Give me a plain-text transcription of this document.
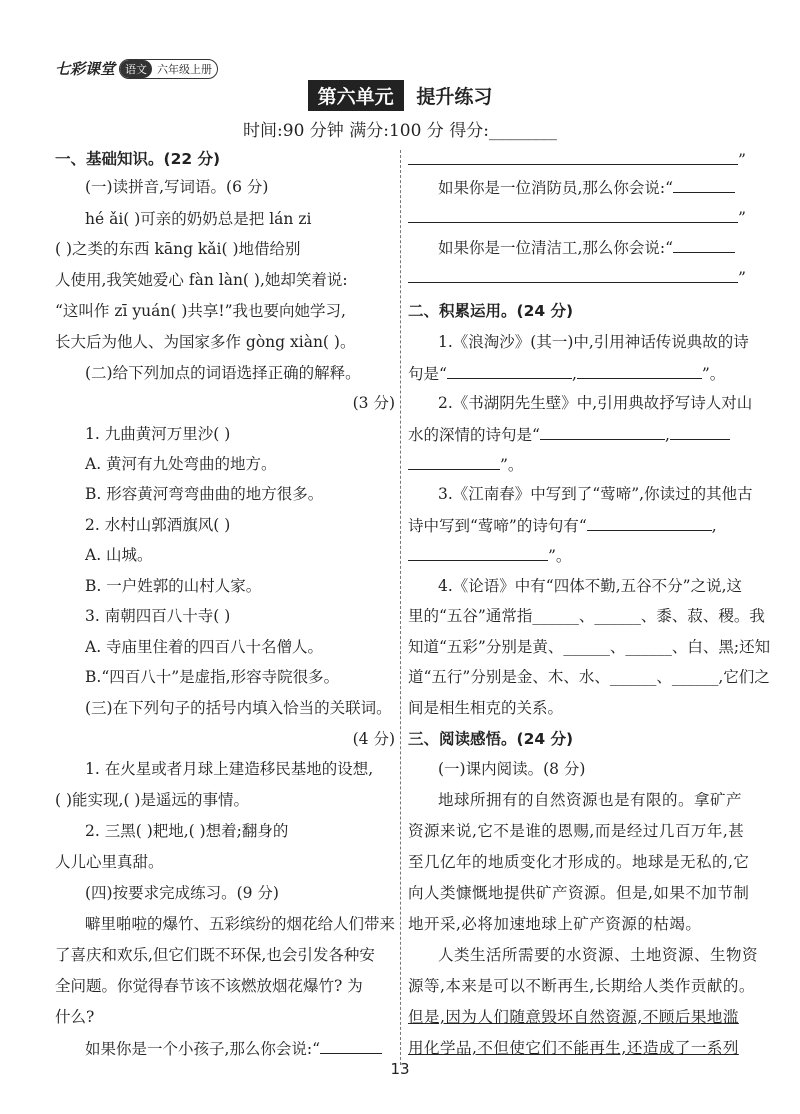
七彩课堂 语文 六年级上册
第六单元 提升练习
时间:90 分钟 满分:100 分 得分:________
一、基础知识。(22 分)
(一)读拼音,写词语。(6 分)
hé ǎi( )可亲的奶奶总是把 lán zi
( )之类的东西 kāng kǎi( )地借给别
人使用,我笑她爱心 fàn làn( ),她却笑着说:
“这叫作 zī yuán( )共享!”我也要向她学习,
长大后为他人、为国家多作 gòng xiàn( )。
(二)给下列加点的词语选择正确的解释。
(3 分)
1. 九曲黄河万里沙( )
A. 黄河有九处弯曲的地方。
B. 形容黄河弯弯曲曲的地方很多。
2. 水村山郭酒旗风( )
A. 山城。
B. 一户姓郭的山村人家。
3. 南朝四百八十寺( )
A. 寺庙里住着的四百八十名僧人。
B.“四百八十”是虚指,形容寺院很多。
(三)在下列句子的括号内填入恰当的关联词。
(4 分)
1. 在火星或者月球上建造移民基地的设想,
( )能实现,( )是遥远的事情。
2. 三黑( )耙地,( )想着;翻身的
人儿心里真甜。
(四)按要求完成练习。(9 分)
噼里啪啦的爆竹、五彩缤纷的烟花给人们带来
了喜庆和欢乐,但它们既不环保,也会引发各种安
全问题。你觉得春节该不该燃放烟花爆竹? 为
什么?
如果你是一个小孩子,那么你会说:“
”
如果你是一位消防员,那么你会说:“
”
如果你是一位清洁工,那么你会说:“
”
二、积累运用。(24 分)
1.《浪淘沙》(其一)中,引用神话传说典故的诗
句是“	,	”。
2.《书湖阴先生壁》中,引用典故抒写诗人对山
水的深情的诗句是“	,
”。
3.《江南春》中写到了“莺啼”,你读过的其他古
诗中写到“莺啼”的诗句有“	,
”。
4.《论语》中有“四体不勤,五谷不分”之说,这
里的“五谷”通常指______、______、黍、菽、稷。我
知道“五彩”分别是黄、______、______、白、黑;还知
道“五行”分别是金、木、水、______、______,它们之
间是相生相克的关系。
三、阅读感悟。(24 分)
(一)课内阅读。(8 分)
地球所拥有的自然资源也是有限的。拿矿产
资源来说,它不是谁的恩赐,而是经过几百万年,甚
至几亿年的地质变化才形成的。地球是无私的,它
向人类慷慨地提供矿产资源。但是,如果不加节制
地开采,必将加速地球上矿产资源的枯竭。
人类生活所需要的水资源、土地资源、生物资
源等,本来是可以不断再生,长期给人类作贡献的。
但是,因为人们随意毁坏自然资源,不顾后果地滥
用化学品,不但使它们不能再生,还造成了一系列
13
